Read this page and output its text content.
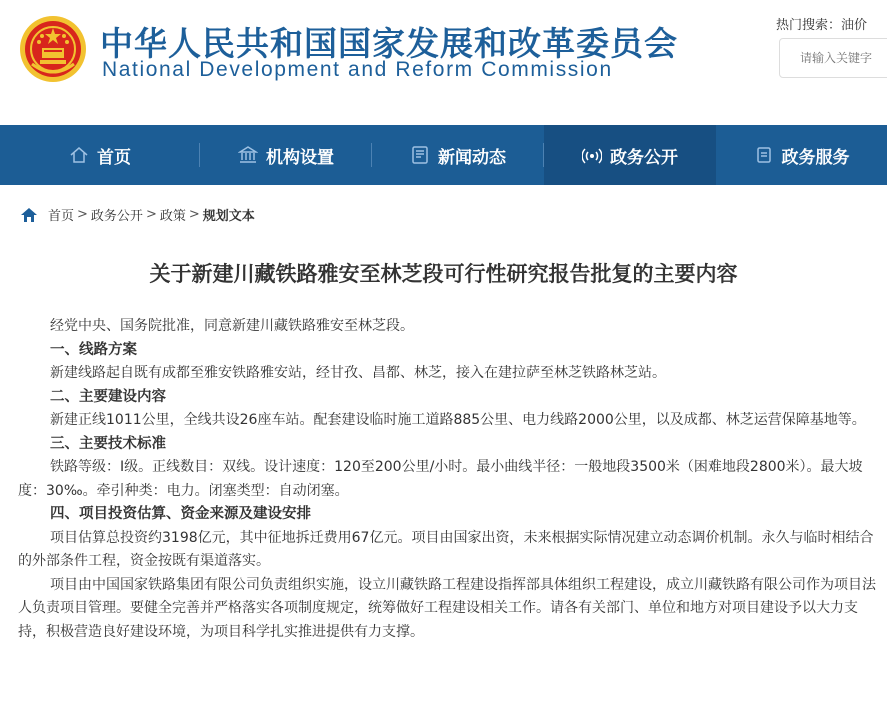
中华人民共和国国家发展和改革委员会
National Development and Reform Commission
热门搜索：油价
请输入关键字
首页	机构设置	新闻动态	政务公开	政务服务
首页 > 政务公开 > 政策 > 规划文本
关于新建川藏铁路雅安至林芝段可行性研究报告批复的主要内容

经党中央、国务院批准，同意新建川藏铁路雅安至林芝段。

一、线路方案

新建线路起自既有成都至雅安铁路雅安站，经甘孜、昌都、林芝，接入在建拉萨至林芝铁路林芝站。

二、主要建设内容

新建正线1011公里，全线共设26座车站。配套建设临时施工道路885公里、电力线路2000公里，以及成都、林芝运营保障基地等。

三、主要技术标准

铁路等级：Ⅰ级。正线数目：双线。设计速度：120至200公里/小时。最小曲线半径：一般地段3500米（困难地段2800米）。最大坡度：30‰。牵引种类：电力。闭塞类型：自动闭塞。

四、项目投资估算、资金来源及建设安排

项目估算总投资约3198亿元，其中征地拆迁费用67亿元。项目由国家出资，未来根据实际情况建立动态调价机制。永久与临时相结合的外部条件工程，资金按既有渠道落实。

项目由中国国家铁路集团有限公司负责组织实施，设立川藏铁路工程建设指挥部具体组织工程建设，成立川藏铁路有限公司作为项目法人负责项目管理。要健全完善并严格落实各项制度规定，统筹做好工程建设相关工作。请各有关部门、单位和地方对项目建设予以大力支持，积极营造良好建设环境，为项目科学扎实推进提供有力支撑。
